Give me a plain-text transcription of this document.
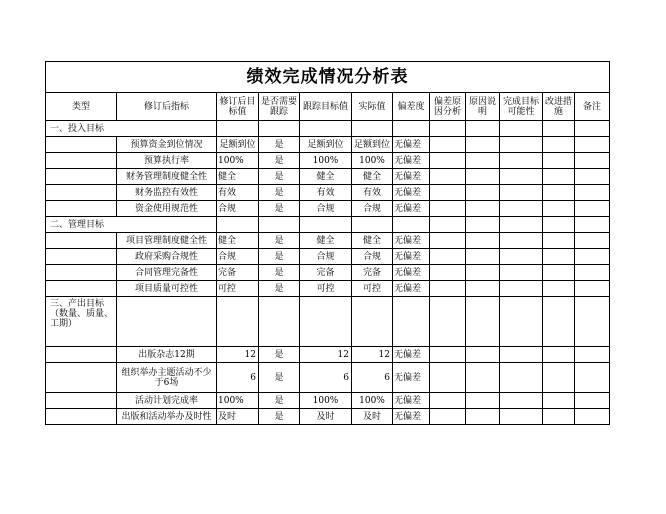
绩效完成情况分析表											
类型	修订后指标	修订后目标值	是否需要跟踪	跟踪目标值	实际值	偏差度	偏差原因分析	原因说明	完成目标可能性	改进措施	备注
一、投入目标											
	预算资金到位情况	足额到位	是	足额到位	足额到位	无偏差					
	预算执行率	100%	是	100%	100%	无偏差					
	财务管理制度健全性	健全	是	健全	健全	无偏差					
	财务监控有效性	有效	是	有效	有效	无偏差					
	资金使用规范性	合规	是	合规	合规	无偏差					
二、管理目标											
	项目管理制度健全性	健全	是	健全	健全	无偏差					
	政府采购合规性	合规	是	合规	合规	无偏差					
	合同管理完备性	完备	是	完备	完备	无偏差					
	项目质量可控性	可控	是	可控	可控	无偏差					
三、产出目标（数量、质量、工期）											
	出版杂志12期	12	是	12	12	无偏差					
	组织举办主题活动不少于6场	6	是	6	6	无偏差					
	活动计划完成率	100%	是	100%	100%	无偏差					
	出版和活动举办及时性	及时	是	及时	及时	无偏差					
